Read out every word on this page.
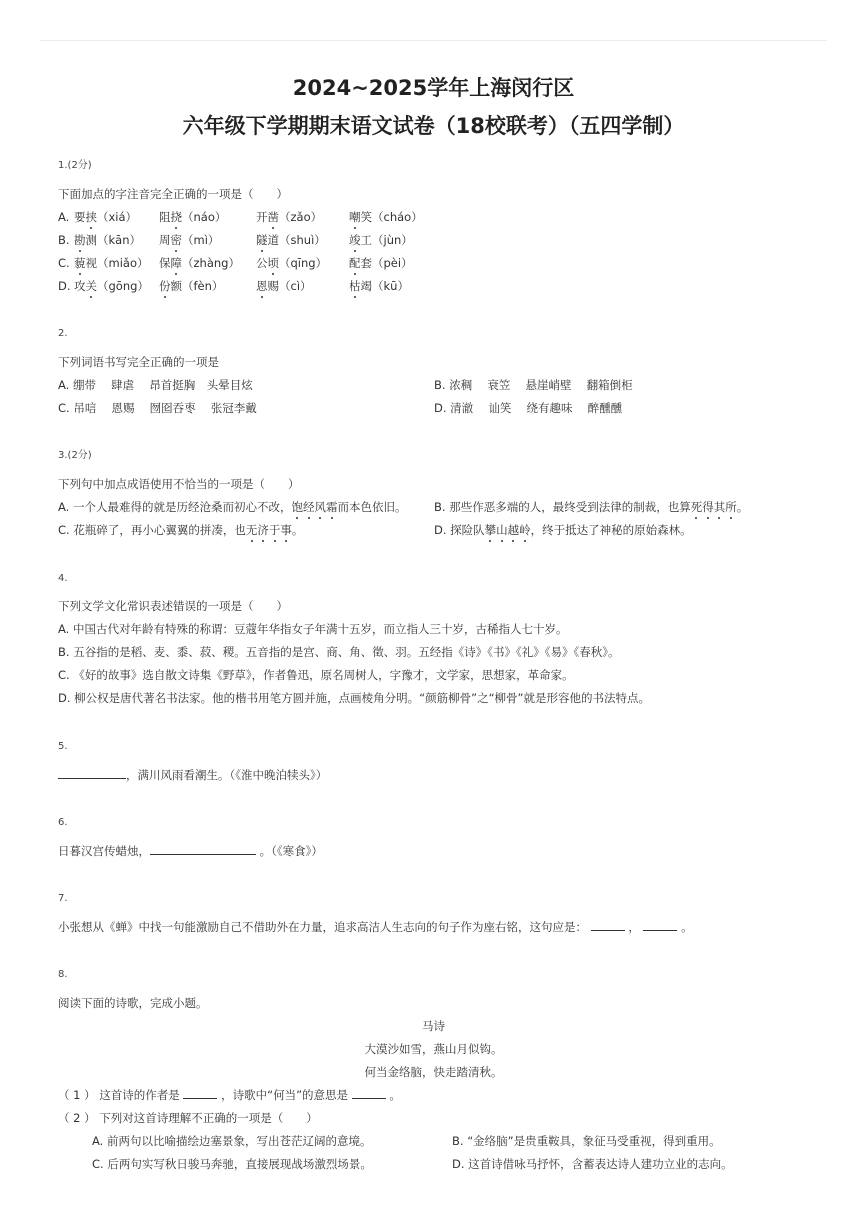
2024~2025学年上海闵行区
六年级下学期期末语文试卷（18校联考）（五四学制）
1.(2分)
下面加点的字注音完全正确的一项是（　　）
A. 要挟（xiá） 阻挠（náo）	开凿（zǎo） 嘲笑（cháo）
B. 勘测（kān） 周密（mì）	隧道（shuì） 竣工（jùn）
C. 藐视（miǎo） 保障（zhàng） 公顷（qīng） 配套（pèi）
D. 攻关（gōng） 份额（fèn）	恩赐（cì）	枯竭（kū）
2.
下列词语书写完全正确的一项是
A. 绷带　 肆虐　 昂首挺胸　头晕目炫	B. 浓稠　 衰笠　 悬崖峭壁　 翻箱倒柜
C. 吊唁　 恩赐　 囫囵吞枣　 张冠李戴	D. 清澈　 讪笑　 绕有趣味　 醉醺醺
3.(2分)
下列句中加点成语使用不恰当的一项是（　　）
A. 一个人最难得的就是历经沧桑而初心不改，饱经风霜而本色依旧。 B. 那些作恶多端的人，最终受到法律的制裁，也算死得其所。
C. 花瓶碎了，再小心翼翼的拼凑，也无济于事。	D. 探险队攀山越岭，终于抵达了神秘的原始森林。
4.
下列文学文化常识表述错误的一项是（　　）
A. 中国古代对年龄有特殊的称谓：豆蔻年华指女子年满十五岁，而立指人三十岁，古稀指人七十岁。
B. 五谷指的是稻、麦、黍、菽、稷。五音指的是宫、商、角、徵、羽。五经指《诗》《书》《礼》《易》《春秋》。
C. 《好的故事》选自散文诗集《野草》，作者鲁迅，原名周树人，字豫才，文学家，思想家，革命家。
D. 柳公权是唐代著名书法家。他的楷书用笔方圆并施，点画棱角分明。“颜筋柳骨”之“柳骨”就是形容他的书法特点。
5.
，满川风雨看潮生。（《淮中晚泊犊头》）
6.
日暮汉宫传蜡烛，	。（《寒食》）
7.
小张想从《蝉》中找一句能激励自己不借助外在力量，追求高洁人生志向的句子作为座右铭，这句应是：	，	。
8.
阅读下面的诗歌，完成小题。
马诗
大漠沙如雪，燕山月似钩。
何当金络脑，快走踏清秋。
（ 1 ） 这首诗的作者是	，诗歌中“何当”的意思是	。
（ 2 ） 下列对这首诗理解不正确的一项是（　　）
A. 前两句以比喻描绘边塞景象，写出苍茫辽阔的意境。	B. “金络脑”是贵重鞍具，象征马受重视，得到重用。
C. 后两句实写秋日骏马奔驰，直接展现战场激烈场景。	D. 这首诗借咏马抒怀，含蓄表达诗人建功立业的志向。
